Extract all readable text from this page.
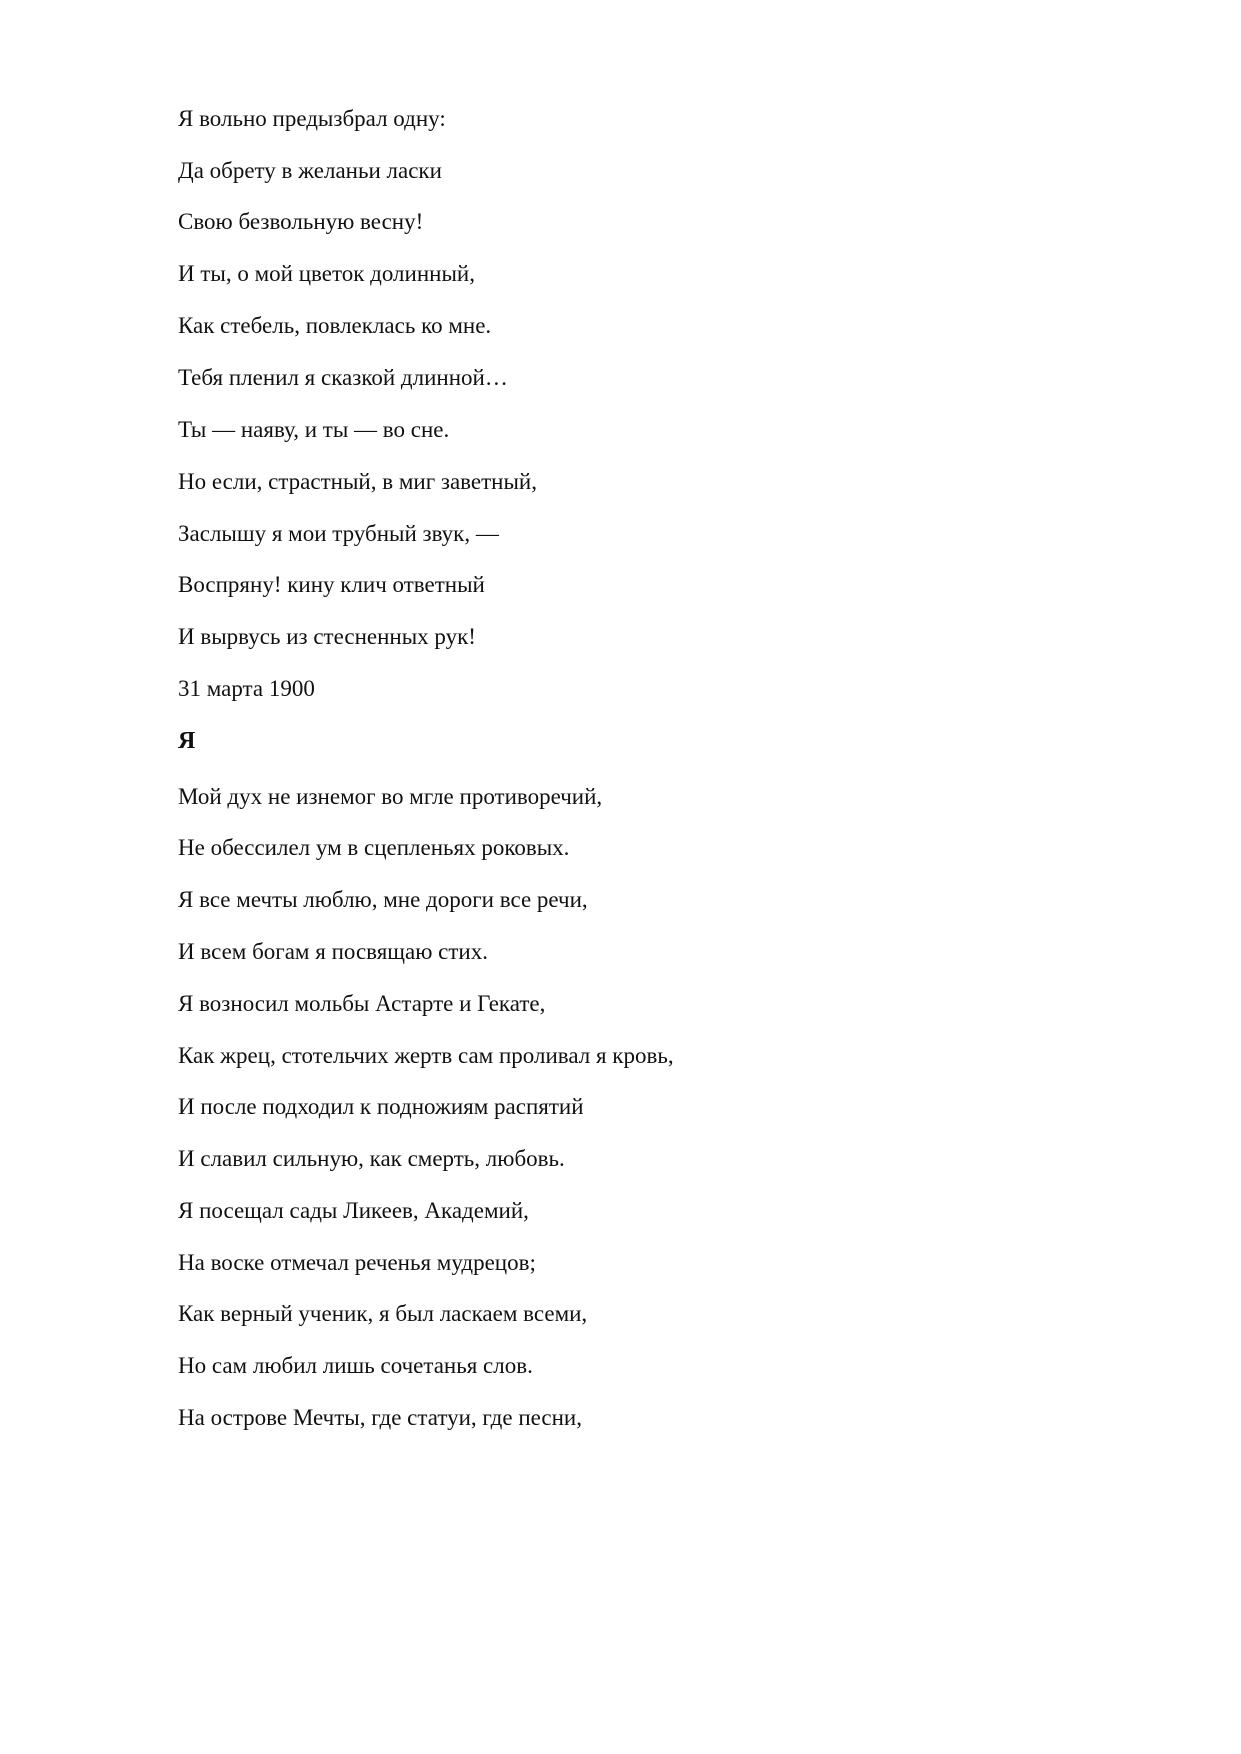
Я вольно предызбрал одну:
Да обрету в желаньи ласки
Свою безвольную весну!
И ты, о мой цветок долинный,
Как стебель, повлеклась ко мне.
Тебя пленил я сказкой длинной…
Ты — наяву, и ты — во сне.
Но если, страстный, в миг заветный,
Заслышу я мои трубный звук, —
Воспряну! кину клич ответный
И вырвусь из стесненных рук!
31 марта 1900
Я
Мой дух не изнемог во мгле противоречий,
Не обессилел ум в сцепленьях роковых.
Я все мечты люблю, мне дороги все речи,
И всем богам я посвящаю стих.
Я возносил мольбы Астарте и Гекате,
Как жрец, стотельчих жертв сам проливал я кровь,
И после подходил к подножиям распятий
И славил сильную, как смерть, любовь.
Я посещал сады Ликеев, Академий,
На воске отмечал реченья мудрецов;
Как верный ученик, я был ласкаем всеми,
Но сам любил лишь сочетанья слов.
На острове Мечты, где статуи, где песни,
